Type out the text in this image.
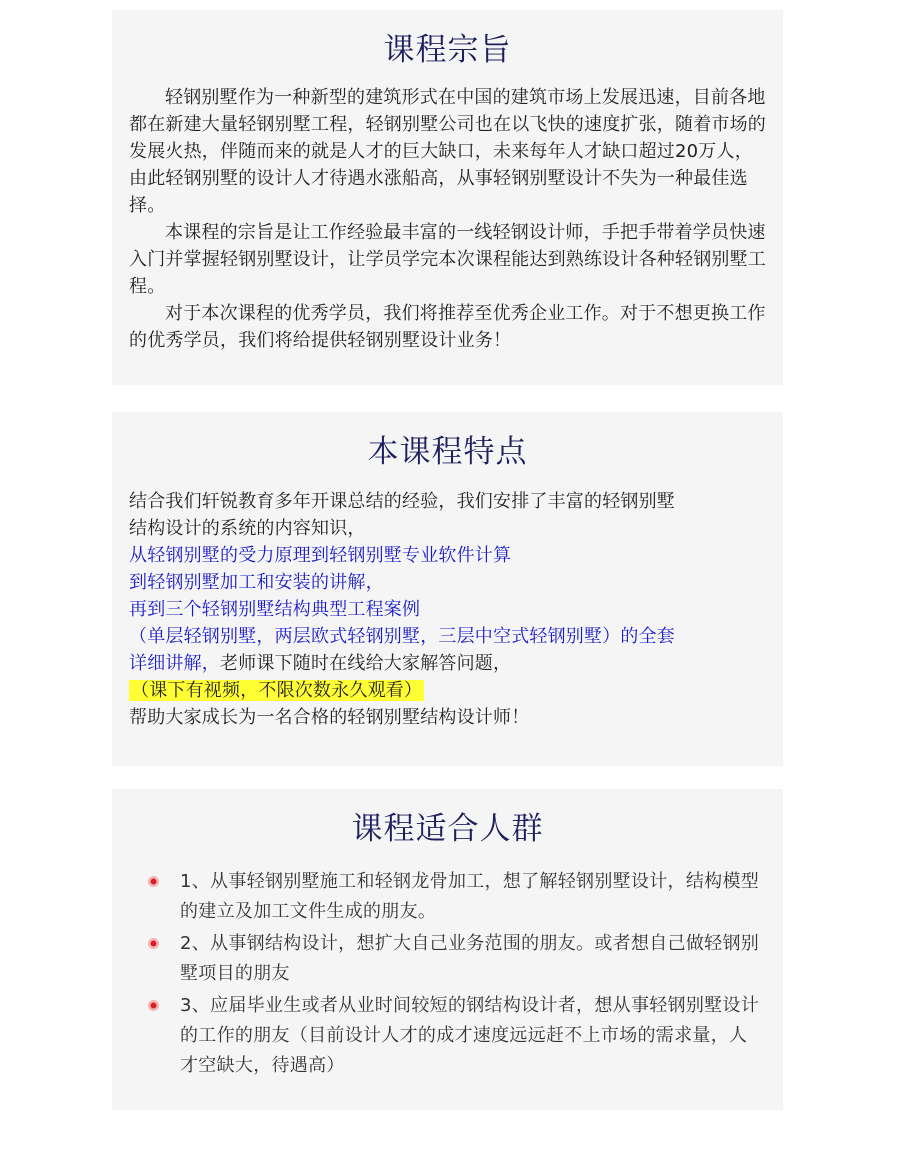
课程宗旨

轻钢别墅作为一种新型的建筑形式在中国的建筑市场上发展迅速，目前各地都在新建大量轻钢别墅工程，轻钢别墅公司也在以飞快的速度扩张，随着市场的发展火热，伴随而来的就是人才的巨大缺口，未来每年人才缺口超过20万人，由此轻钢别墅的设计人才待遇水涨船高，从事轻钢别墅设计不失为一种最佳选择。

本课程的宗旨是让工作经验最丰富的一线轻钢设计师，手把手带着学员快速入门并掌握轻钢别墅设计，让学员学完本次课程能达到熟练设计各种轻钢别墅工程。

对于本次课程的优秀学员，我们将推荐至优秀企业工作。对于不想更换工作的优秀学员，我们将给提供轻钢别墅设计业务！

本课程特点
结合我们轩锐教育多年开课总结的经验，我们安排了丰富的轻钢别墅
结构设计的系统的内容知识，
从轻钢别墅的受力原理到轻钢别墅专业软件计算
到轻钢别墅加工和安装的讲解，
再到三个轻钢别墅结构典型工程案例
（单层轻钢别墅，两层欧式轻钢别墅，三层中空式轻钢别墅）的全套
详细讲解，老师课下随时在线给大家解答问题，
（课下有视频，不限次数永久观看）
帮助大家成长为一名合格的轻钢别墅结构设计师！
课程适合人群
1、从事轻钢别墅施工和轻钢龙骨加工，想了解轻钢别墅设计，结构模型的建立及加工文件生成的朋友。
2、从事钢结构设计，想扩大自己业务范围的朋友。或者想自己做轻钢别墅项目的朋友
3、应届毕业生或者从业时间较短的钢结构设计者，想从事轻钢别墅设计的工作的朋友（目前设计人才的成才速度远远赶不上市场的需求量，人才空缺大，待遇高）
